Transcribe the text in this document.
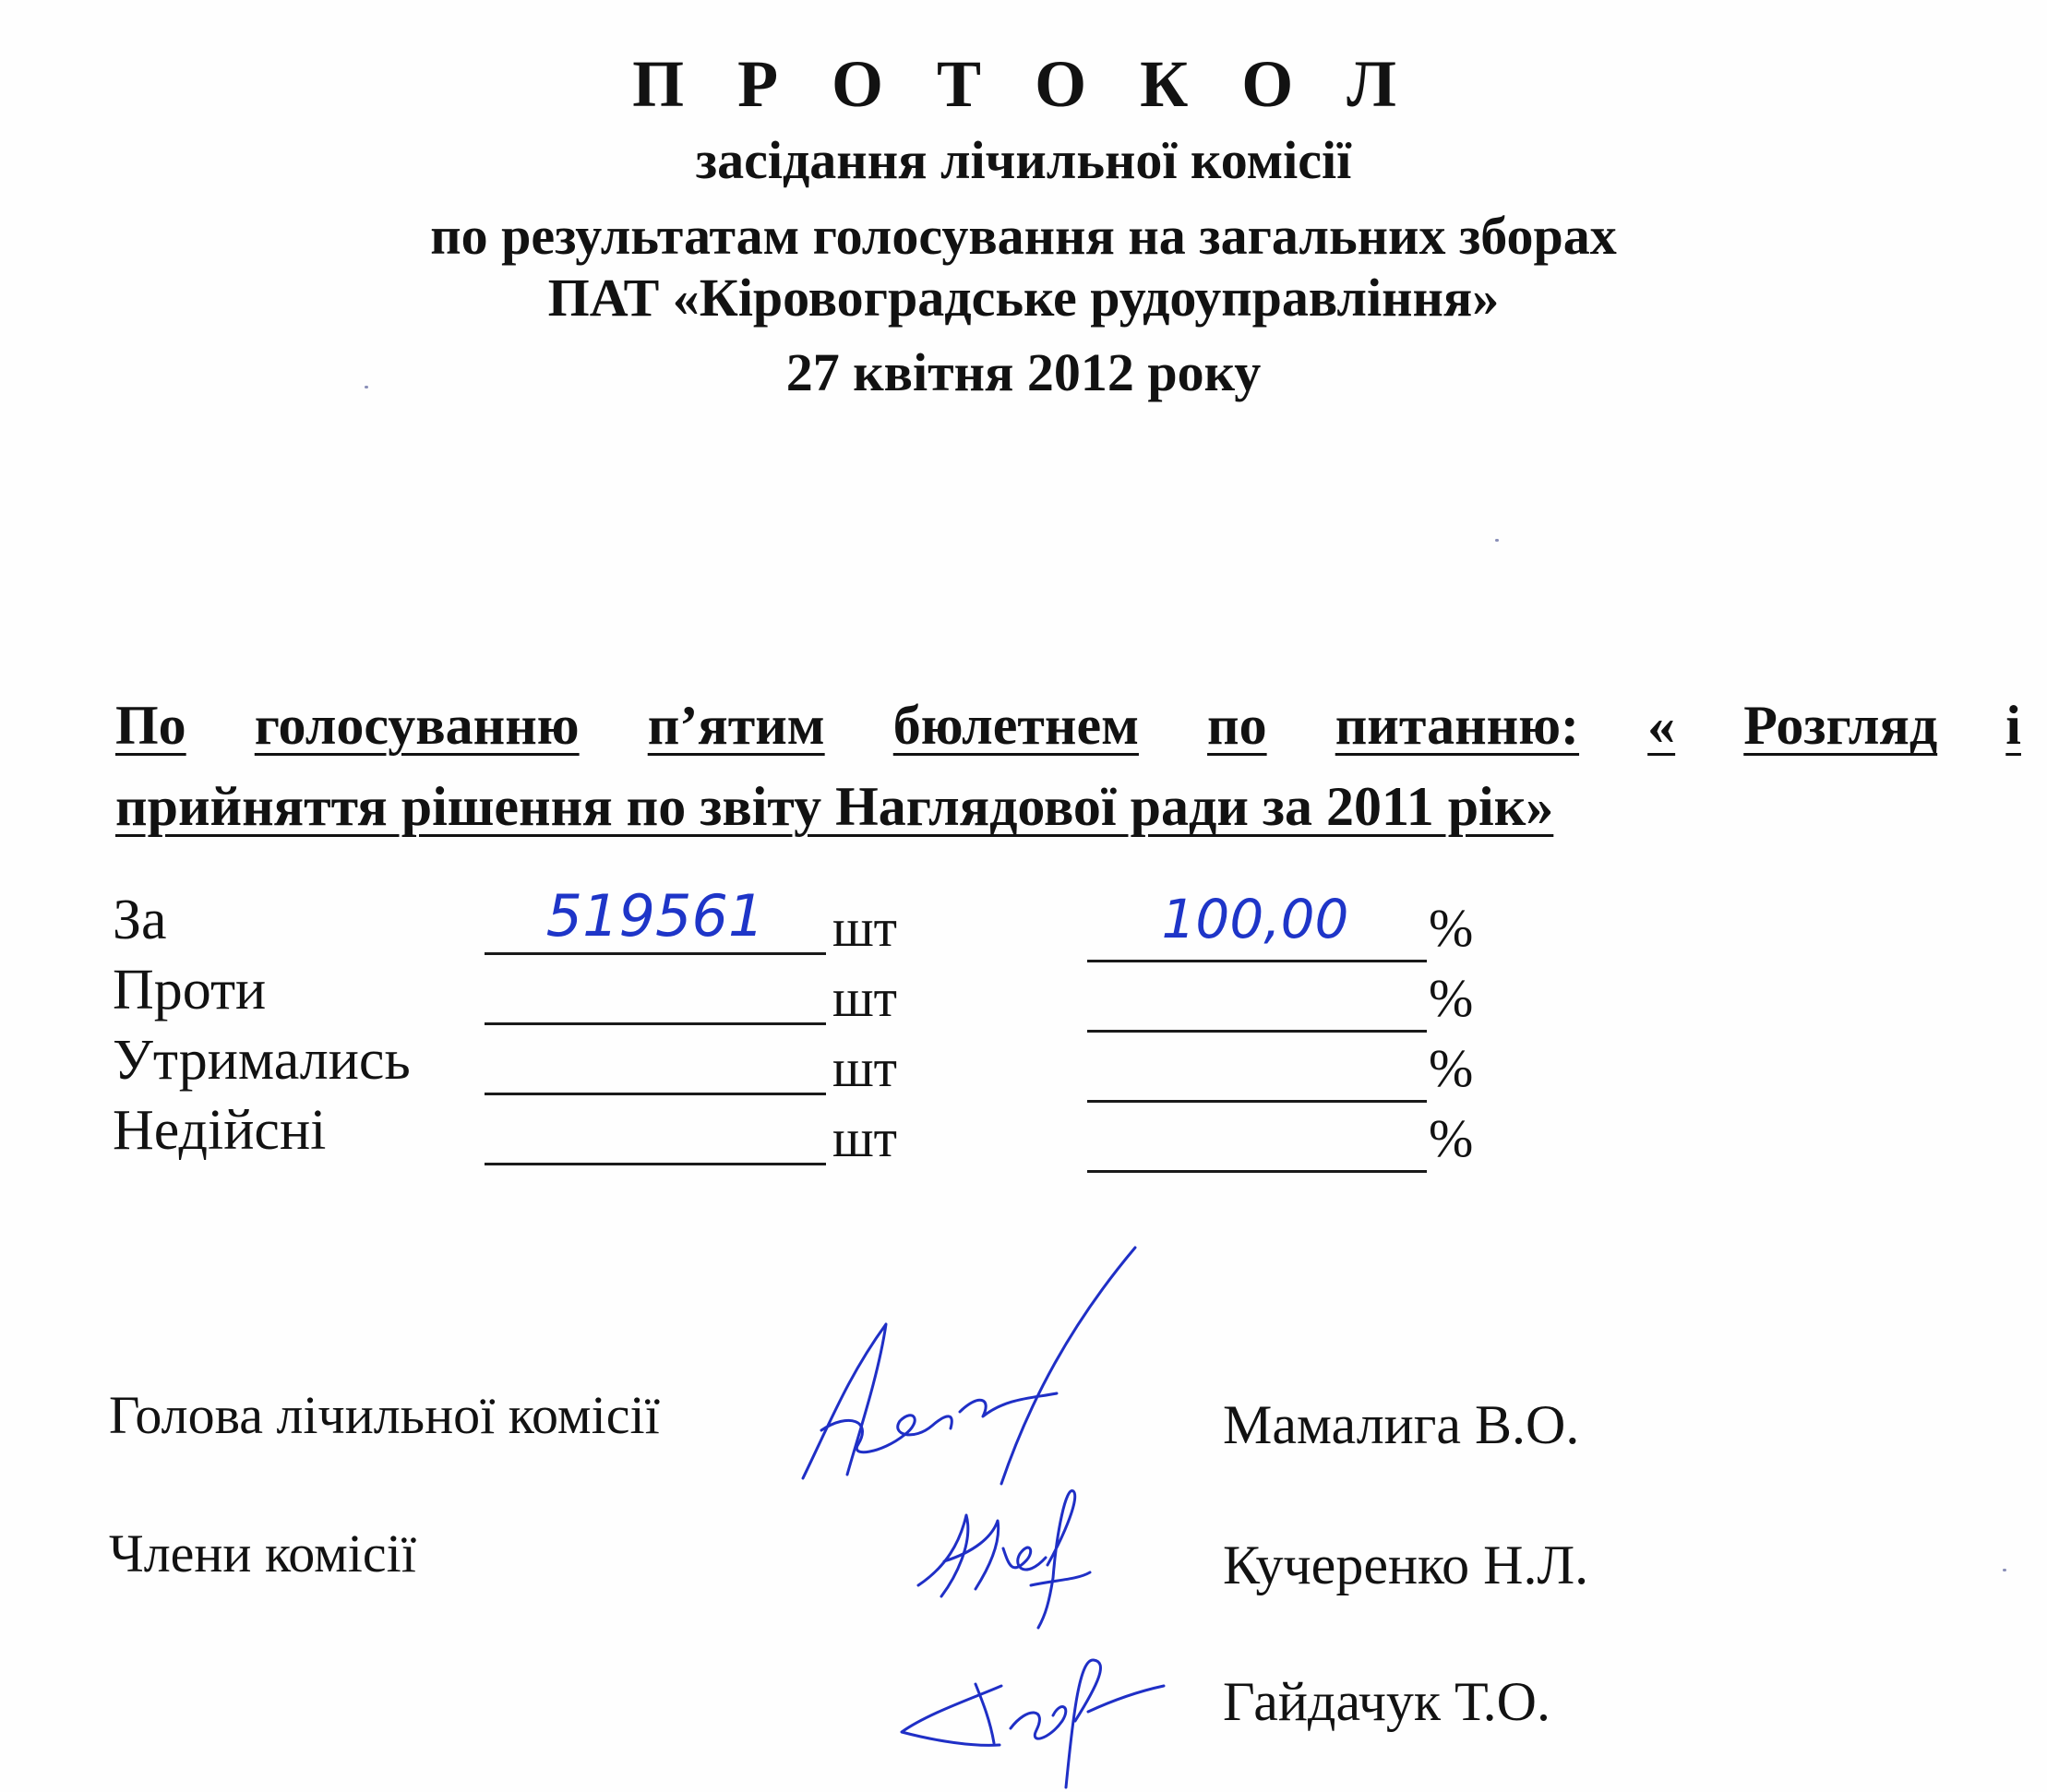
П Р О Т О К О Л
засідання лічильної комісії
по результатам голосування на загальних зборах
ПАТ «Кіровоградське рудоуправління»
27 квітня 2012 року
По голосуванню п’ятим бюлетнем по питанню: « Розгляд і
прийняття рішення по звіту Наглядової ради за 2011 рік»
За	519561	шт	100,00	%
Проти	шт	%
Утримались	шт	%
Недійсні	шт	%
Голова лічильної комісії	Мамалига В.О.
Члени комісії	Кучеренко Н.Л.
Гайдачук Т.О.
